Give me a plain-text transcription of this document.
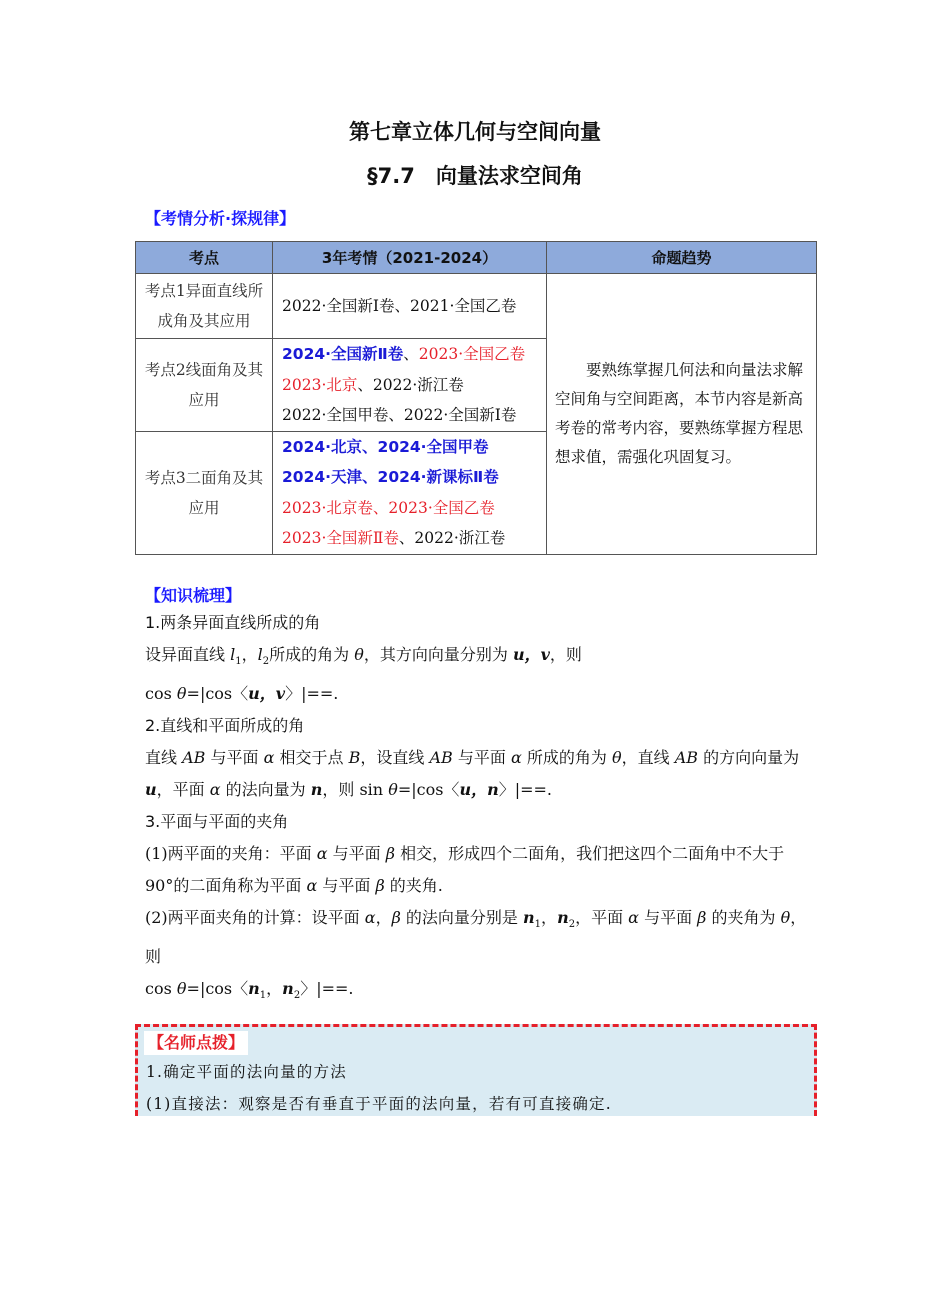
第七章立体几何与空间向量
§7.7　向量法求空间角
【考情分析·探规律】
考点	3年考情（2021-2024）	命题趋势
考点1异面直线所成角及其应用	2022·全国新Ⅰ卷、2021·全国乙卷	要熟练掌握几何法和向量法求解空间角与空间距离，本节内容是新高考卷的常考内容，要熟练掌握方程思想求值，需强化巩固复习。
考点2线面角及其应用	2024·全国新Ⅱ卷、2023·全国乙卷
2023·北京、2022·浙江卷
2022·全国甲卷、2022·全国新Ⅰ卷	

考点3二面角及其应用	2024·北京、2024·全国甲卷
2024·天津、2024·新课标Ⅱ卷
2023·北京卷、2023·全国乙卷
2023·全国新Ⅱ卷、2022·浙江卷	
【知识梳理】
1.两条异面直线所成的角
设异面直线 $l_1$，$l_2$所成的角为 θ，其方向向量分别为 u，v，则
cos θ=|cos〈u，v〉|==.
2.直线和平面所成的角
直线 AB 与平面 α 相交于点 B，设直线 AB 与平面 α 所成的角为 θ，直线 AB 的方向向量为 u，平面 α 的法向量为 n，则 sin θ=|cos〈u，n〉|==.
3.平面与平面的夹角
(1)两平面的夹角：平面 α 与平面 β 相交，形成四个二面角，我们把这四个二面角中不大于 90°的二面角称为平面 α 与平面 β 的夹角.
(2)两平面夹角的计算：设平面 α，β 的法向量分别是 $n_1$，$n_2$，平面 α 与平面 β 的夹角为 θ，则
cos θ=|cos〈$n_1$，$n_2$〉|==.
【名师点拨】
1.确定平面的法向量的方法
(1)直接法：观察是否有垂直于平面的法向量，若有可直接确定.
